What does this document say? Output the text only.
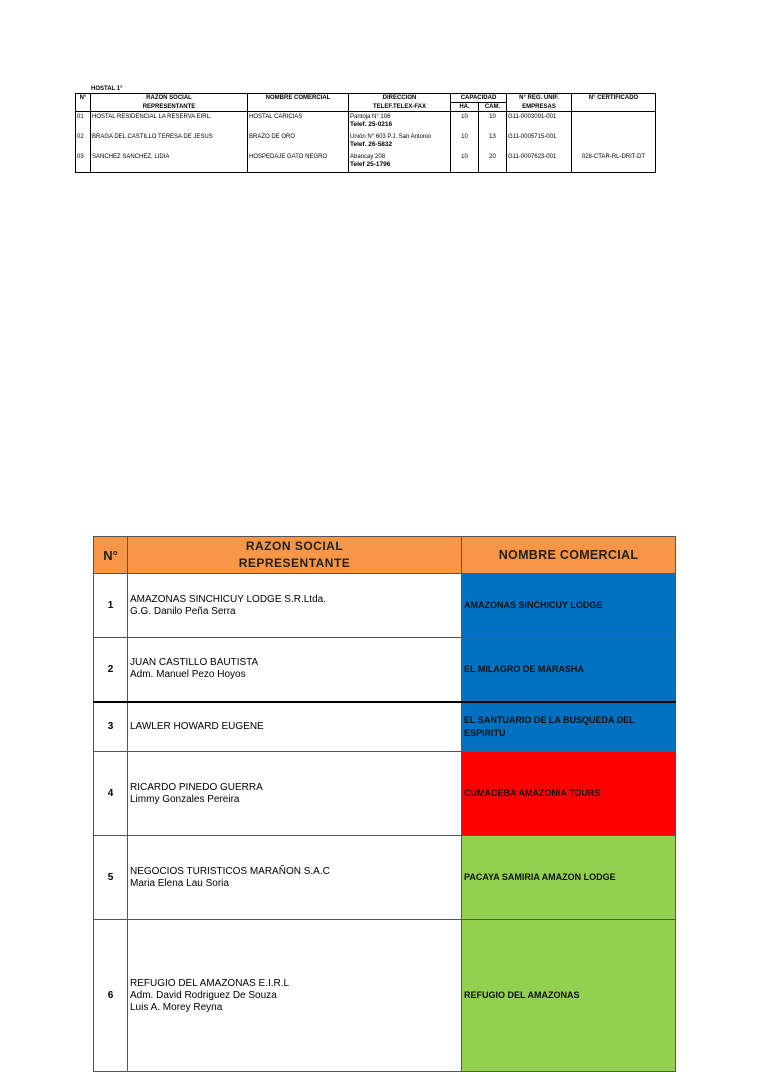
HOSTAL 1°
N°	RAZON SOCIAL	NOMBRE COMERCIAL	DIRECCION	CAPACIDAD		N° REG. UNIF.	N° CERTIFICADO
	REPRESENTANTE		TELEF.TELEX-FAX	HA.	CAM.	EMPRESAS	
01	HOSTAL RESIDENCIAL LA RESERVA EIRL.	HOSTAL CARICIAS	Pantoja N° 106
Telef. 25-0216	10	10	G11-0003091-001	
02	BRAGA DEL CASTILLO TERESA DE JESUS	BRAZO DE ORO	Unión N° 603 P.J. San Antonio
Telef. 26-5832	10	13	G11-0005715-001	
03	SANCHEZ SANCHEZ, LIDIA	HOSPEDAJE GATO NEGRO	Abancay 208
Telef 25-1796	10	20	G11-0007623-001	028-CTAR-RL-DRIT-DT
N°	RAZON SOCIAL
REPRESENTANTE	NOMBRE COMERCIAL
1	AMAZONAS SINCHICUY LODGE S.R.Ltda.
G.G. Danilo Peña Serra	AMAZONAS SINCHICUY LODGE
2	JUAN CASTILLO BAUTISTA
Adm. Manuel Pezo Hoyos	EL MILAGRO DE MARASHA
3	LAWLER HOWARD EUGENE	EL SANTUARIO DE LA BUSQUEDA DEL ESPIRITU
4	RICARDO PINEDO GUERRA
Limmy Gonzales Pereira	CUMACEBA AMAZONIA TOURS
5	NEGOCIOS TURISTICOS MARAÑON S.A.C
Maria Elena Lau Soria	PACAYA SAMIRIA AMAZON LODGE
6	REFUGIO DEL AMAZONAS E.I.R.L
Adm. David Rodriguez De Souza
Luis A. Morey Reyna	REFUGIO DEL AMAZONAS
